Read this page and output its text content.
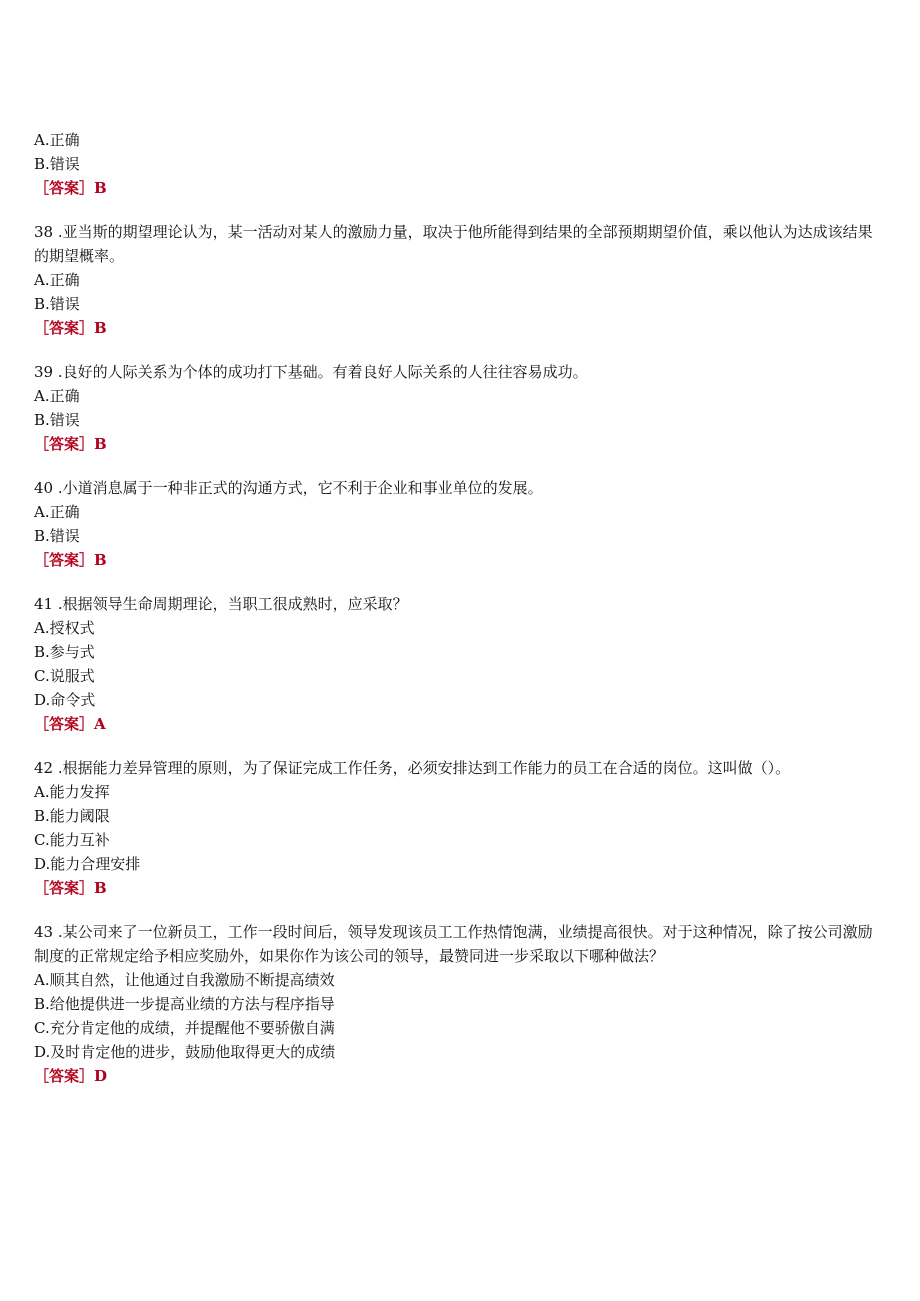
A.正确
B.错误
［答案］B
38 .亚当斯的期望理论认为，某一活动对某人的激励力量，取决于他所能得到结果的全部预期期望价值，乘以他认为达成该结果的期望概率。
A.正确
B.错误
［答案］B
39 .良好的人际关系为个体的成功打下基础。有着良好人际关系的人往往容易成功。
A.正确
B.错误
［答案］B
40 .小道消息属于一种非正式的沟通方式，它不利于企业和事业单位的发展。
A.正确
B.错误
［答案］B
41 .根据领导生命周期理论，当职工很成熟时，应采取？
A.授权式
B.参与式
C.说服式
D.命令式
［答案］A
42 .根据能力差异管理的原则，为了保证完成工作任务，必须安排达到工作能力的员工在合适的岗位。这叫做（）。
A.能力发挥
B.能力阈限
C.能力互补
D.能力合理安排
［答案］B
43 .某公司来了一位新员工，工作一段时间后，领导发现该员工工作热情饱满，业绩提高很快。对于这种情况，除了按公司激励制度的正常规定给予相应奖励外，如果你作为该公司的领导，最赞同进一步采取以下哪种做法？
A.顺其自然，让他通过自我激励不断提高绩效
B.给他提供进一步提高业绩的方法与程序指导
C.充分肯定他的成绩，并提醒他不要骄傲自满
D.及时肯定他的进步，鼓励他取得更大的成绩
［答案］D
